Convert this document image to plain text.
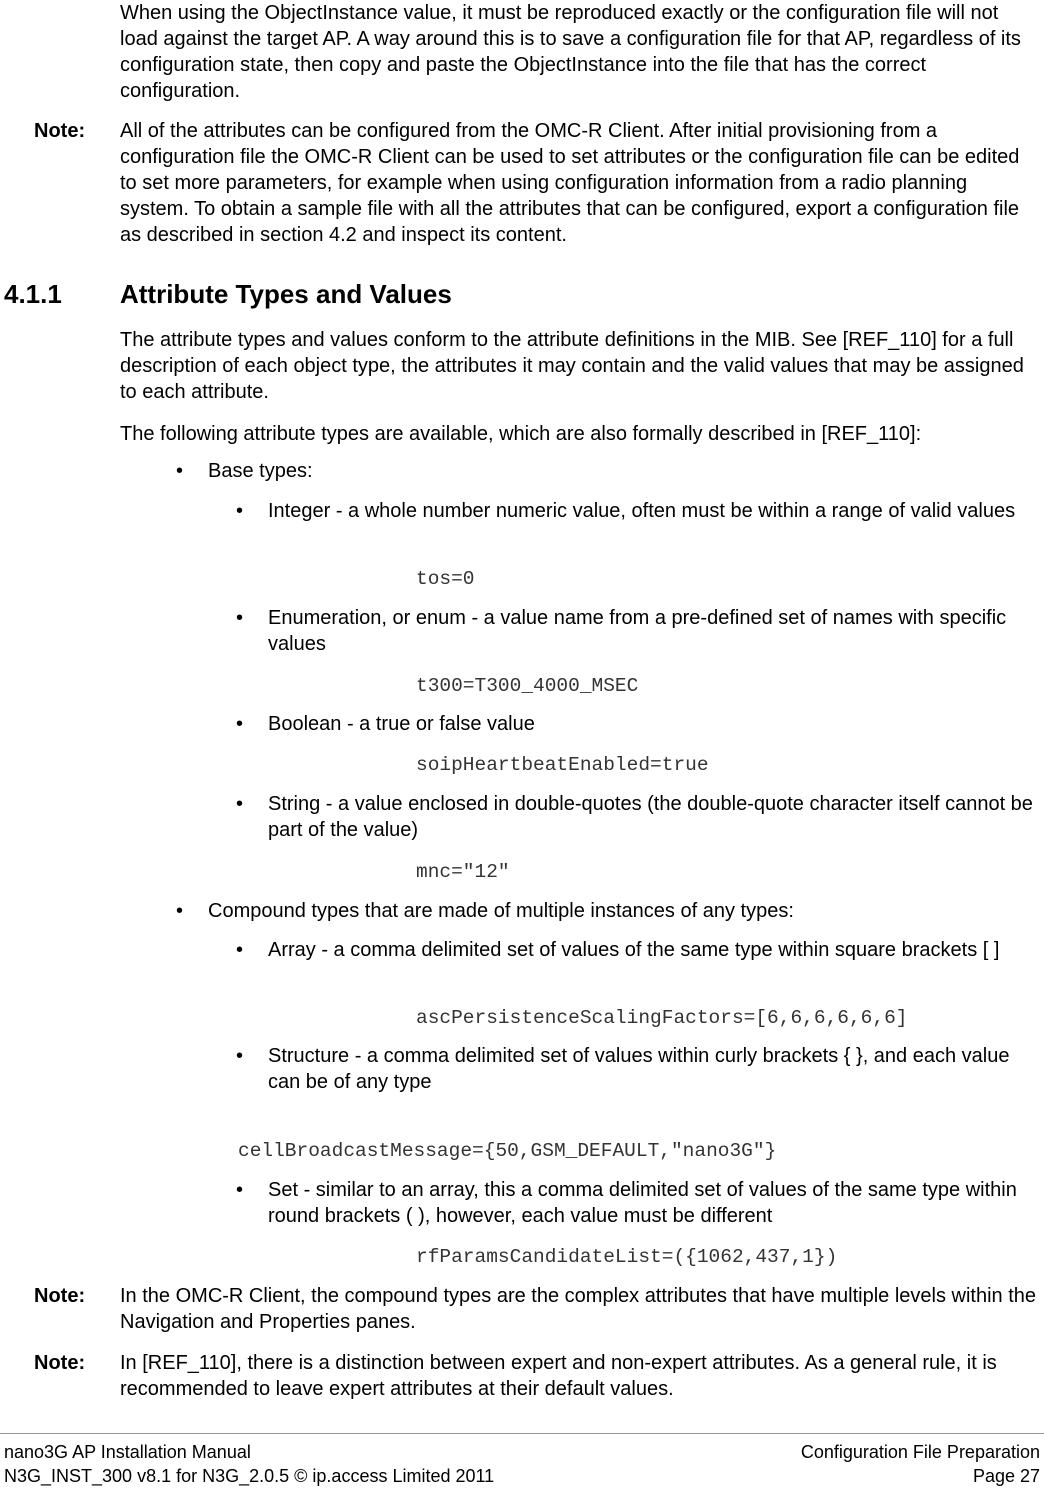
When using the ObjectInstance value, it must be reproduced exactly or the configuration file will not load against the target AP. A way around this is to save a configuration file for that AP, regardless of its configuration state, then copy and paste the ObjectInstance into the file that has the correct configuration.

Note: All of the attributes can be configured from the OMC-R Client. After initial provisioning from a configuration file the OMC-R Client can be used to set attributes or the configuration file can be edited to set more parameters, for example when using configuration information from a radio planning system. To obtain a sample file with all the attributes that can be configured, export a configuration file as described in section 4.2 and inspect its content.

4.1.1 Attribute Types and Values

The attribute types and values conform to the attribute definitions in the MIB. See [REF_110] for a full description of each object type, the attributes it may contain and the valid values that may be assigned to each attribute.

The following attribute types are available, which are also formally described in [REF_110]:

• Base types:
• Integer - a whole number numeric value, often must be within a range of valid values
tos=0
• Enumeration, or enum - a value name from a pre-defined set of names with specific values
t300=T300_4000_MSEC
• Boolean - a true or false value
soipHeartbeatEnabled=true
• String - a value enclosed in double-quotes (the double-quote character itself cannot be part of the value)
mnc="12"
• Compound types that are made of multiple instances of any types:
• Array - a comma delimited set of values of the same type within square brackets [ ]
ascPersistenceScalingFactors=[6,6,6,6,6,6]
• Structure - a comma delimited set of values within curly brackets { }, and each value can be of any type
cellBroadcastMessage={50,GSM_DEFAULT,"nano3G"}
• Set - similar to an array, this a comma delimited set of values of the same type within round brackets ( ), however, each value must be different
rfParamsCandidateList=({1062,437,1})
Note: In the OMC-R Client, the compound types are the complex attributes that have multiple levels within the Navigation and Properties panes.

Note: In [REF_110], there is a distinction between expert and non-expert attributes. As a general rule, it is recommended to leave expert attributes at their default values.

nano3G AP Installation Manual
N3G_INST_300 v8.1 for N3G_2.0.5 © ip.access Limited 2011
Configuration File Preparation
Page 27
